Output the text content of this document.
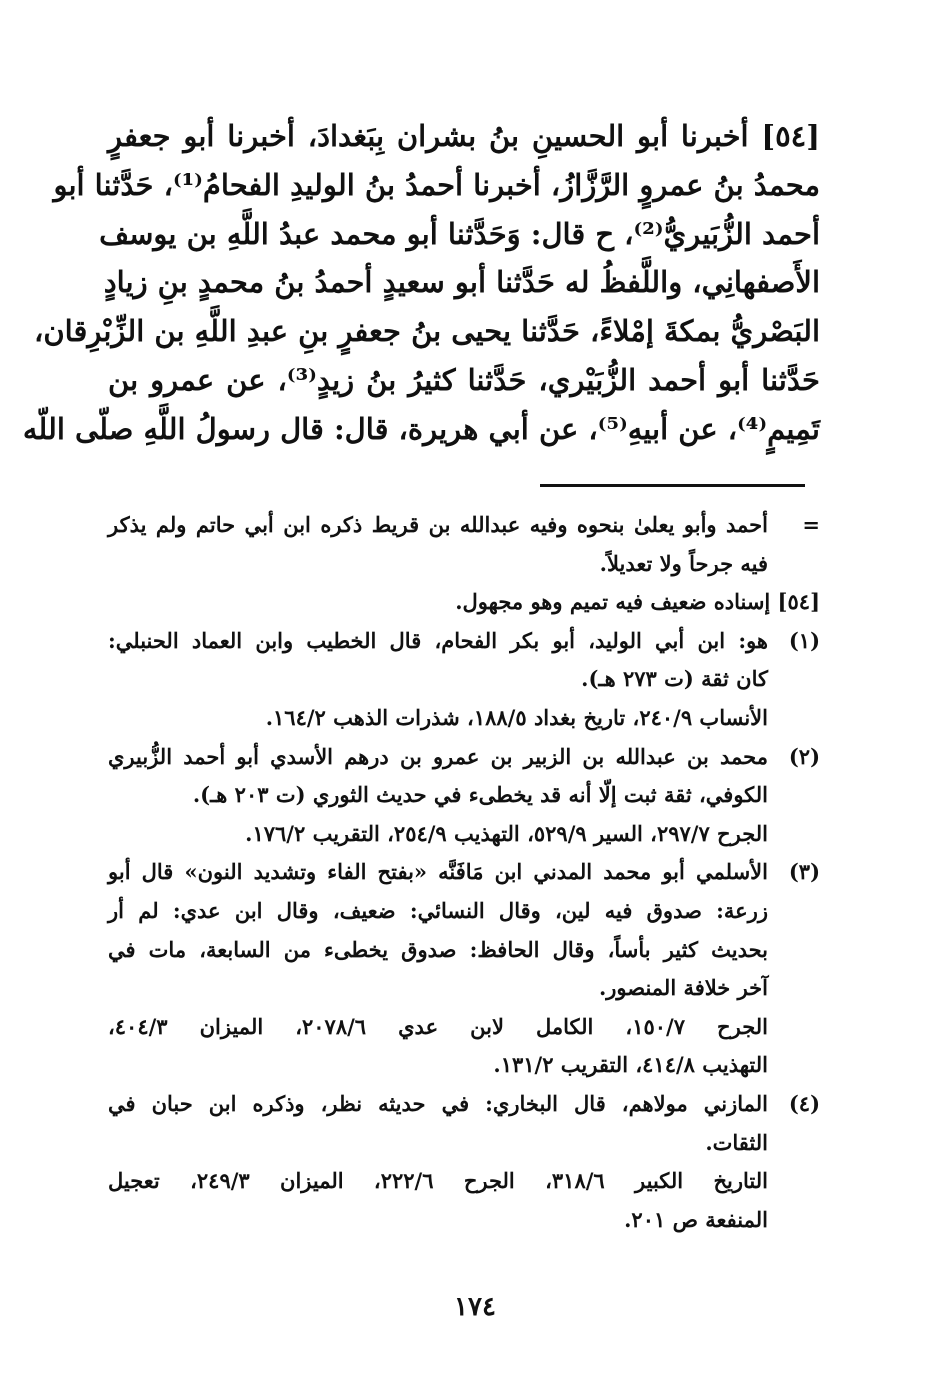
[٥٤] أخبرنا أبو الحسينِ بنُ بشران بِبَغدادَ، أخبرنا أبو جعفرٍ
محمدُ بنُ عمروٍ الرَّزَّازُ، أخبرنا أحمدُ بنُ الوليدِ الفحامُ⁽¹⁾، حَدَّثنا أبو
أحمد الزُّبَيريُّ⁽²⁾، ح قال: وَحَدَّثنا أبو محمد عبدُ اللَّهِ بن يوسف
الأَصفهانِي، واللَّفظُ له حَدَّثنا أبو سعيدٍ أحمدُ بنُ محمدٍ بنِ زيادٍ
البَصْريُّ بمكةَ إمْلاءً، حَدَّثنا يحيى بنُ جعفرٍ بنِ عبدِ اللَّهِ بن الزِّبْرِقان،
حَدَّثنا أبو أحمد الزُّبَيْري، حَدَّثنا كثيرُ بنُ زيدٍ⁽³⁾، عن عمرو بن
تَمِيمٍ⁽⁴⁾، عن أبيهِ⁽⁵⁾، عن أبي هريرة، قال: قال رسولُ اللَّهِ صلّى اللّه
=
أحمد وأبو يعلىٰ بنحوه وفيه عبدالله بن قريط ذكره ابن أبي حاتم ولم يذكر
فيه جرحاً ولا تعديلاً.
[٥٤] إسناده ضعيف فيه تميم وهو مجهول.
(١)
هو: ابن أبي الوليد، أبو بكر الفحام، قال الخطيب وابن العماد الحنبلي:
كان ثقة (ت ٢٧٣ هـ).
الأنساب ٢٤٠/٩، تاريخ بغداد ١٨٨/٥، شذرات الذهب ١٦٤/٢.
(٢)
محمد بن عبدالله بن الزبير بن عمرو بن درهم الأسدي أبو أحمد الزُّبيري
الكوفي، ثقة ثبت إلّا أنه قد يخطىء في حديث الثوري (ت ٢٠٣ هـ).
الجرح ٢٩٧/٧، السير ٥٢٩/٩، التهذيب ٢٥٤/٩، التقريب ١٧٦/٢.
(٣)
الأسلمي أبو محمد المدني ابن مَافَنَّه «بفتح الفاء وتشديد النون» قال أبو
زرعة: صدوق فيه لين، وقال النسائي: ضعيف، وقال ابن عدي: لم أر
بحديث كثير بأساً، وقال الحافظ: صدوق يخطىء من السابعة، مات في
آخر خلافة المنصور.
الجرح ١٥٠/٧، الكامل لابن عدي ٢٠٧٨/٦، الميزان ٤٠٤/٣،
التهذيب ٤١٤/٨، التقريب ١٣١/٢.
(٤)
المازني مولاهم، قال البخاري: في حديثه نظر، وذكره ابن حبان في
الثقات.
التاريخ الكبير ٣١٨/٦، الجرح ٢٢٢/٦، الميزان ٢٤٩/٣، تعجيل
المنفعة ص ٢٠١.
١٧٤
